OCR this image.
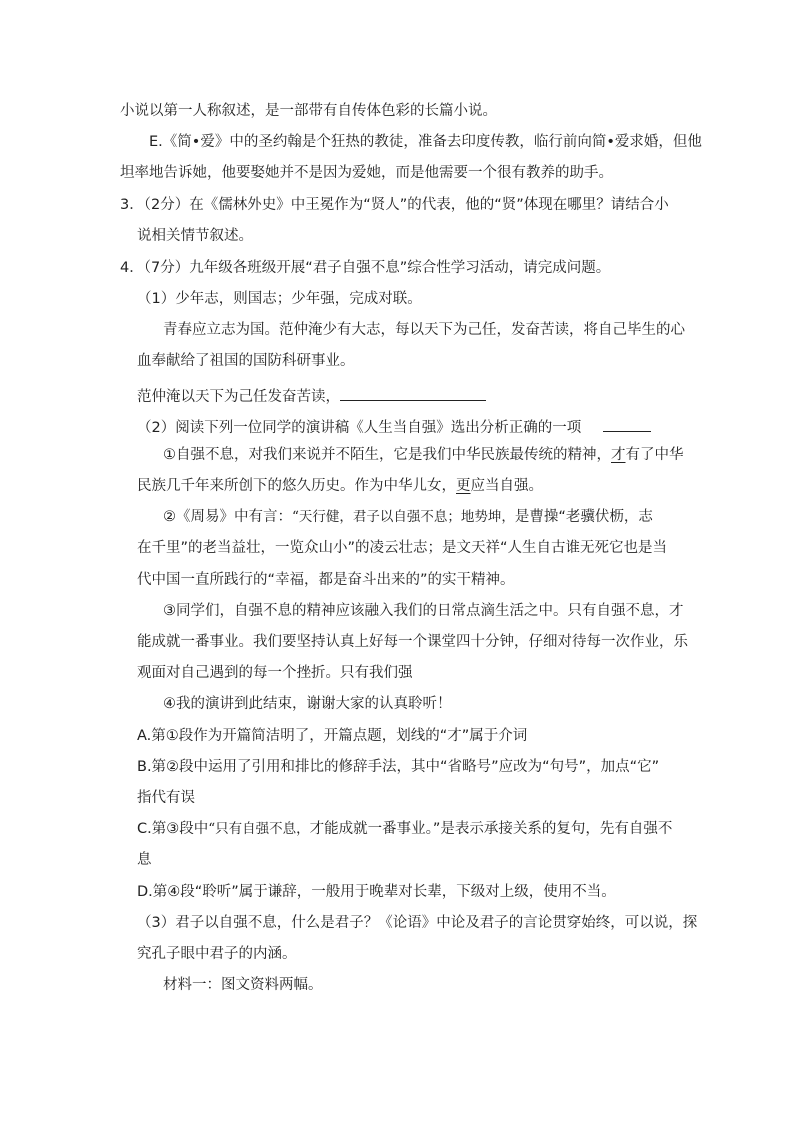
小说以第一人称叙述，是一部带有自传体色彩的长篇小说。
E.《简•爱》中的圣约翰是个狂热的教徒，准备去印度传教，临行前向简•爱求婚，但他
坦率地告诉她，他要娶她并不是因为爱她，而是他需要一个很有教养的助手。
3．（2分）在《儒林外史》中王冕作为“贤人”的代表，他的“贤”体现在哪里？请结合小
说相关情节叙述。
4．（7分）九年级各班级开展“君子自强不息”综合性学习活动，请完成问题。
（1）少年志，则国志；少年强，完成对联。
青春应立志为国。范仲淹少有大志，每以天下为己任，发奋苦读，将自己毕生的心
血奉献给了祖国的国防科研事业。
范仲淹以天下为己任发奋苦读，
（2）阅读下列一位同学的演讲稿《人生当自强》选出分析正确的一项
①自强不息，对我们来说并不陌生，它是我们中华民族最传统的精神，才有了中华
民族几千年来所创下的悠久历史。作为中华儿女，更应当自强。
②《周易》中有言：“天行健，君子以自强不息；地势坤，是曹操“老骥伏枥，志
在千里”的老当益壮，一览众山小”的凌云壮志；是文天祥“人生自古谁无死它也是当
代中国一直所践行的“幸福，都是奋斗出来的”的实干精神。
③同学们，自强不息的精神应该融入我们的日常点滴生活之中。只有自强不息，才
能成就一番事业。我们要坚持认真上好每一个课堂四十分钟，仔细对待每一次作业，乐
观面对自己遇到的每一个挫折。只有我们强
④我的演讲到此结束，谢谢大家的认真聆听！
A.第①段作为开篇简洁明了，开篇点题，划线的“才”属于介词
B.第②段中运用了引用和排比的修辞手法，其中“省略号”应改为“句号”，加点“它”
指代有误
C.第③段中“只有自强不息，才能成就一番事业。”是表示承接关系的复句，先有自强不
息
D.第④段“聆听”属于谦辞，一般用于晚辈对长辈，下级对上级，使用不当。
（3）君子以自强不息，什么是君子？《论语》中论及君子的言论贯穿始终，可以说，探
究孔子眼中君子的内涵。
材料一：图文资料两幅。
